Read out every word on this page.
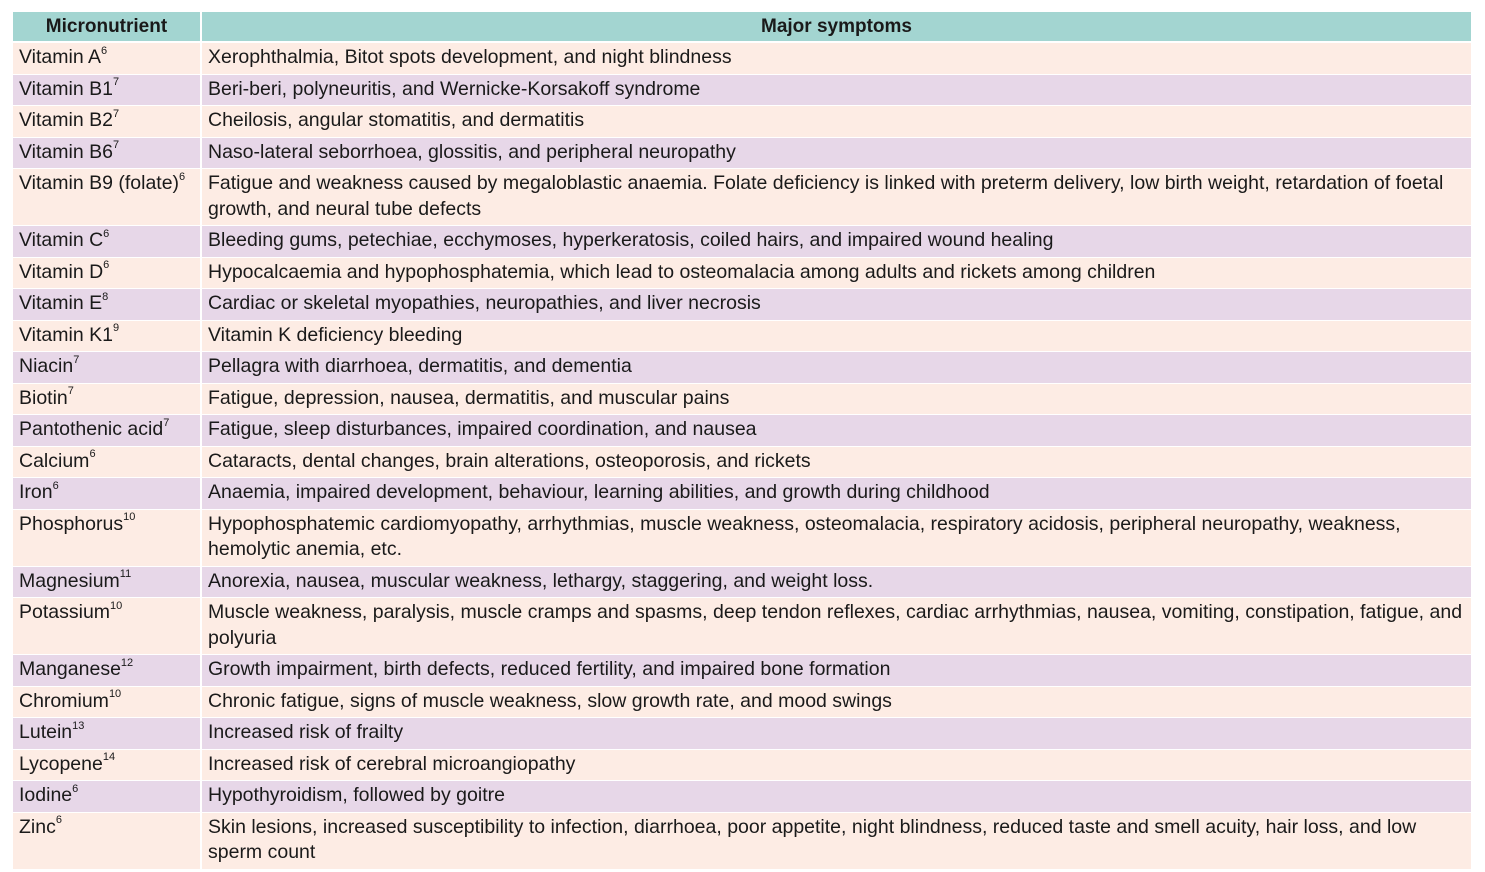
Micronutrient	Major symptoms
Vitamin $A^6$	Xerophthalmia, Bitot spots development, and night blindness
Vitamin $B1^7$	Beri-beri, polyneuritis, and Wernicke-Korsakoff syndrome
Vitamin $B2^7$	Cheilosis, angular stomatitis, and dermatitis
Vitamin $B6^7$	Naso-lateral seborrhoea, glossitis, and peripheral neuropathy
Vitamin B9 (folate)$^6$	Fatigue and weakness caused by megaloblastic anaemia. Folate deficiency is linked with preterm delivery, low birth weight, retardation of foetal growth, and neural tube defects
Vitamin $C^6$	Bleeding gums, petechiae, ecchymoses, hyperkeratosis, coiled hairs, and impaired wound healing
Vitamin $D^6$	Hypocalcaemia and hypophosphatemia, which lead to osteomalacia among adults and rickets among children
Vitamin $E^8$	Cardiac or skeletal myopathies, neuropathies, and liver necrosis
Vitamin $K1^9$	Vitamin K deficiency bleeding
Niacin$^7$	Pellagra with diarrhoea, dermatitis, and dementia
Biotin$^7$	Fatigue, depression, nausea, dermatitis, and muscular pains
Pantothenic acid$^7$	Fatigue, sleep disturbances, impaired coordination, and nausea
Calcium$^6$	Cataracts, dental changes, brain alterations, osteoporosis, and rickets
Iron$^6$	Anaemia, impaired development, behaviour, learning abilities, and growth during childhood
Phosphorus$^{10}$	Hypophosphatemic cardiomyopathy, arrhythmias, muscle weakness, osteomalacia, respiratory acidosis, peripheral neuropathy, weakness, hemolytic anemia, etc.
Magnesium$^{11}$	Anorexia, nausea, muscular weakness, lethargy, staggering, and weight loss.
Potassium$^{10}$	Muscle weakness, paralysis, muscle cramps and spasms, deep tendon reflexes, cardiac arrhythmias, nausea, vomiting, constipation, fatigue, and polyuria
Manganese$^{12}$	Growth impairment, birth defects, reduced fertility, and impaired bone formation
Chromium$^{10}$	Chronic fatigue, signs of muscle weakness, slow growth rate, and mood swings
Lutein$^{13}$	Increased risk of frailty
Lycopene$^{14}$	Increased risk of cerebral microangiopathy
Iodine$^6$	Hypothyroidism, followed by goitre
Zinc$^6$	Skin lesions, increased susceptibility to infection, diarrhoea, poor appetite, night blindness, reduced taste and smell acuity, hair loss, and low sperm count
